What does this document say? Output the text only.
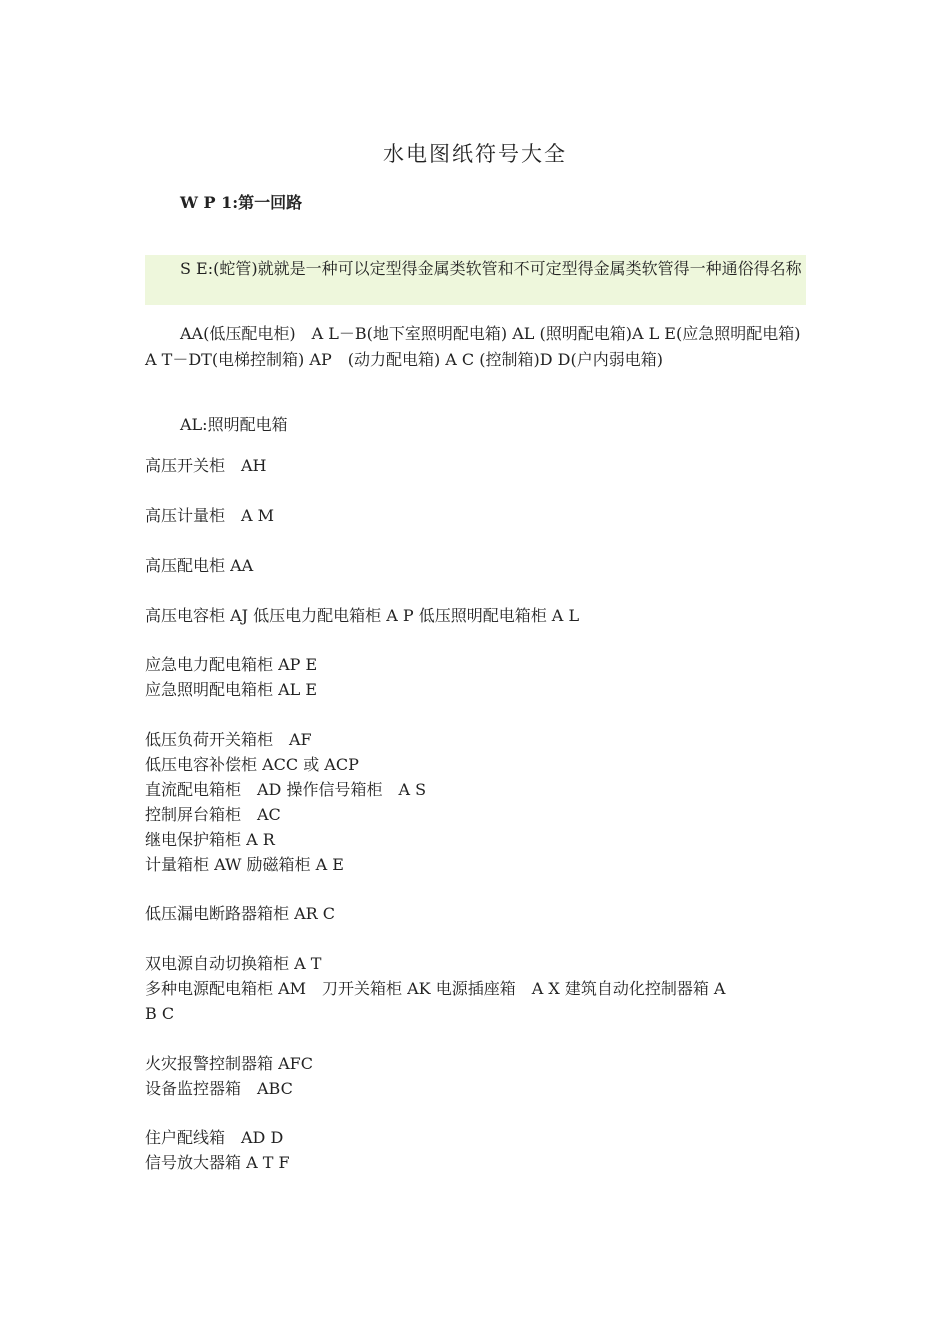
水电图纸符号大全
W P 1:第一回路
S E:(蛇管)就就是一种可以定型得金属类软管和不可定型得金属类软管得一种通俗得名称
AA(低压配电柜)　A L－B(地下室照明配电箱) AL (照明配电箱)A L E(应急照明配电箱) A T－DT(电梯控制箱) AP　(动力配电箱) A C (控制箱)D D(户内弱电箱)
AL:照明配电箱
高压开关柜　AH
高压计量柜　A M
高压配电柜 AA
高压电容柜 AJ 低压电力配电箱柜 A P 低压照明配电箱柜 A L
应急电力配电箱柜 AP E
应急照明配电箱柜 AL E
低压负荷开关箱柜　AF
低压电容补偿柜 ACC 或 ACP
直流配电箱柜　AD 操作信号箱柜　A S
控制屏台箱柜　AC
继电保护箱柜 A R
计量箱柜 AW 励磁箱柜 A E
低压漏电断路器箱柜 AR C
双电源自动切换箱柜 A T
多种电源配电箱柜 AM　刀开关箱柜 AK 电源插座箱　A X 建筑自动化控制器箱 A
B C
火灾报警控制器箱 AFC
设备监控器箱　ABC
住户配线箱　AD D
信号放大器箱 A T F
